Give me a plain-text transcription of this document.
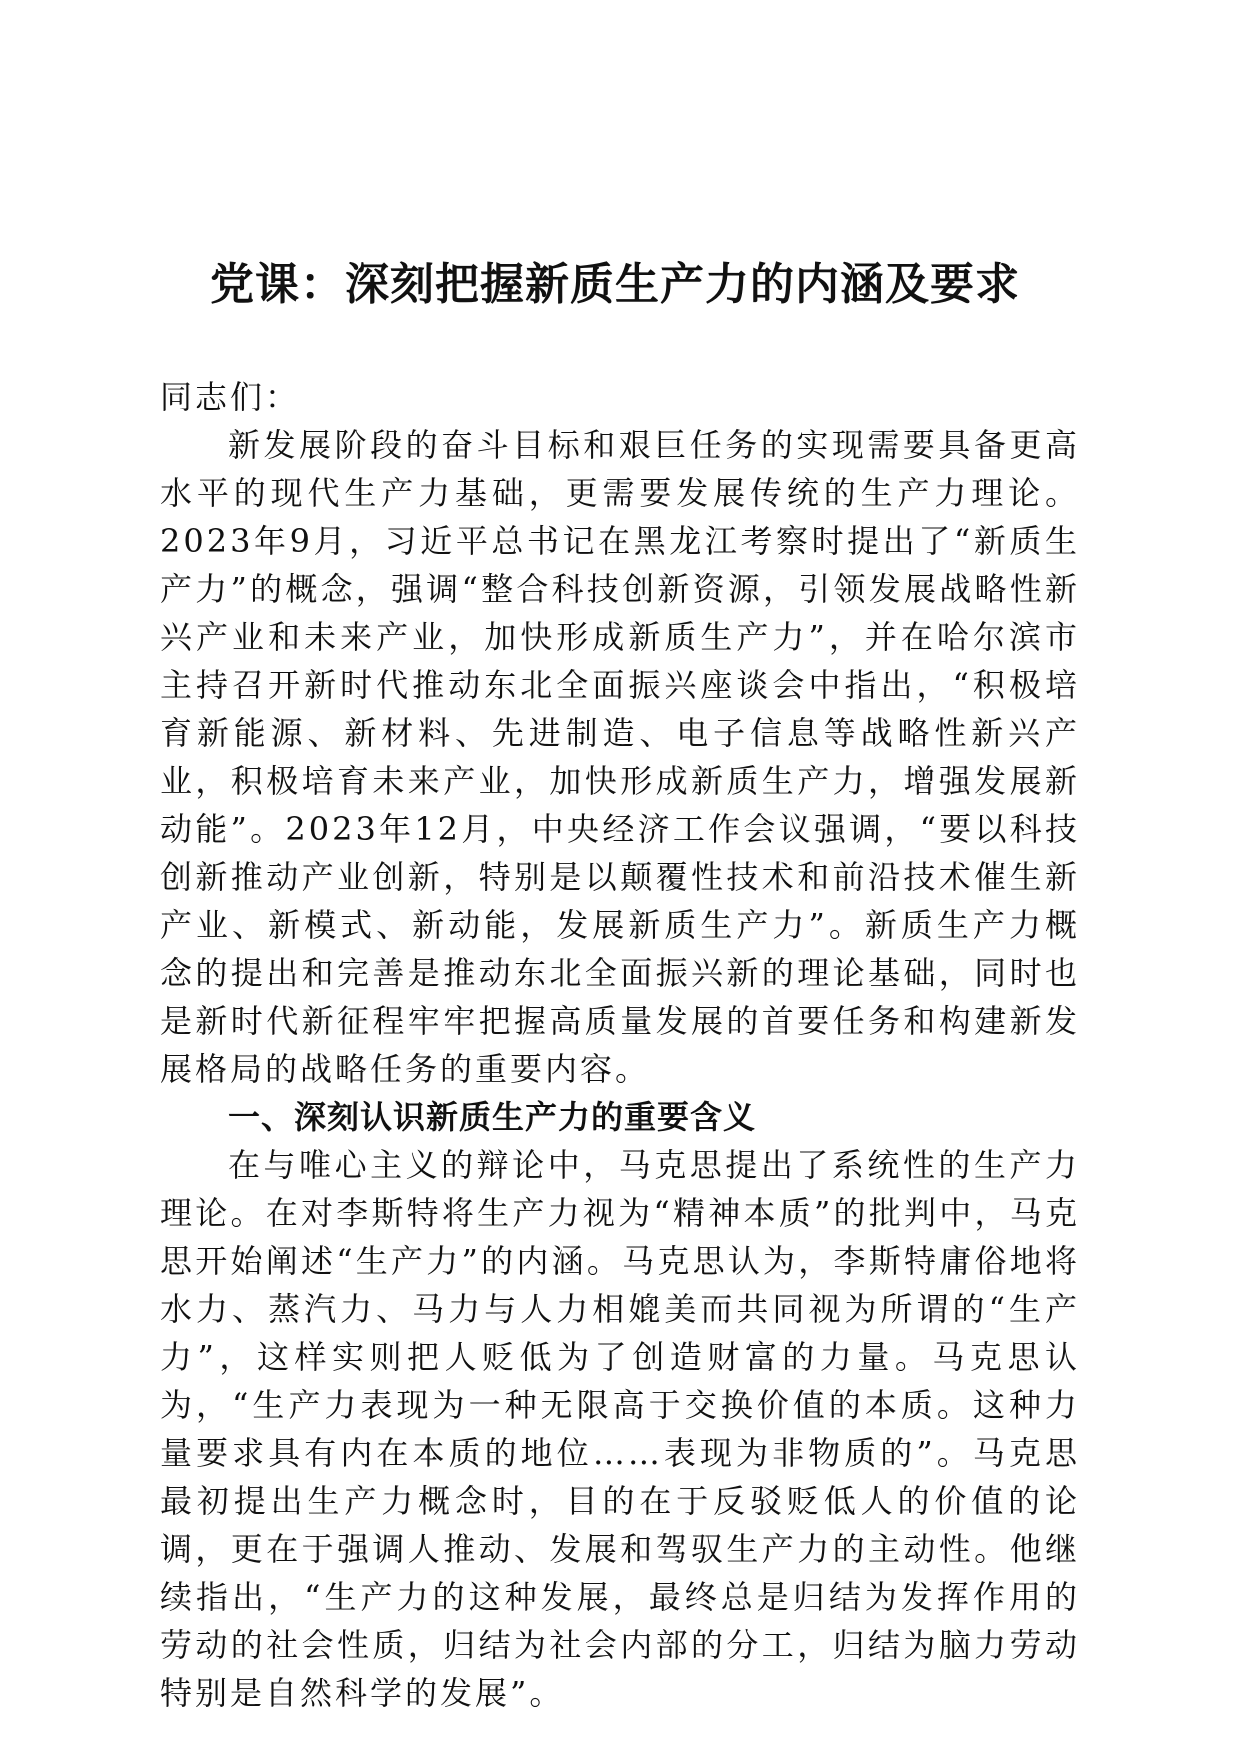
党课：深刻把握新质生产力的内涵及要求

同志们：

新发展阶段的奋斗目标和艰巨任务的实现需要具备更高水平的现代生产力基础，更需要发展传统的生产力理论。2023年9月，习近平总书记在黑龙江考察时提出了“新质生产力”的概念，强调“整合科技创新资源，引领发展战略性新兴产业和未来产业，加快形成新质生产力”，并在哈尔滨市主持召开新时代推动东北全面振兴座谈会中指出，“积极培育新能源、新材料、先进制造、电子信息等战略性新兴产业，积极培育未来产业，加快形成新质生产力，增强发展新动能”。2023年12月，中央经济工作会议强调，“要以科技创新推动产业创新，特别是以颠覆性技术和前沿技术催生新产业、新模式、新动能，发展新质生产力”。新质生产力概念的提出和完善是推动东北全面振兴新的理论基础，同时也是新时代新征程牢牢把握高质量发展的首要任务和构建新发展格局的战略任务的重要内容。

一、深刻认识新质生产力的重要含义

在与唯心主义的辩论中，马克思提出了系统性的生产力理论。在对李斯特将生产力视为“精神本质”的批判中，马克思开始阐述“生产力”的内涵。马克思认为，李斯特庸俗地将水力、蒸汽力、马力与人力相媲美而共同视为所谓的“生产力”，这样实则把人贬低为了创造财富的力量。马克思认为，“生产力表现为一种无限高于交换价值的本质。这种力量要求具有内在本质的地位……表现为非物质的”。马克思最初提出生产力概念时，目的在于反驳贬低人的价值的论调，更在于强调人推动、发展和驾驭生产力的主动性。他继续指出，“生产力的这种发展，最终总是归结为发挥作用的劳动的社会性质，归结为社会内部的分工，归结为脑力劳动特别是自然科学的发展”。
